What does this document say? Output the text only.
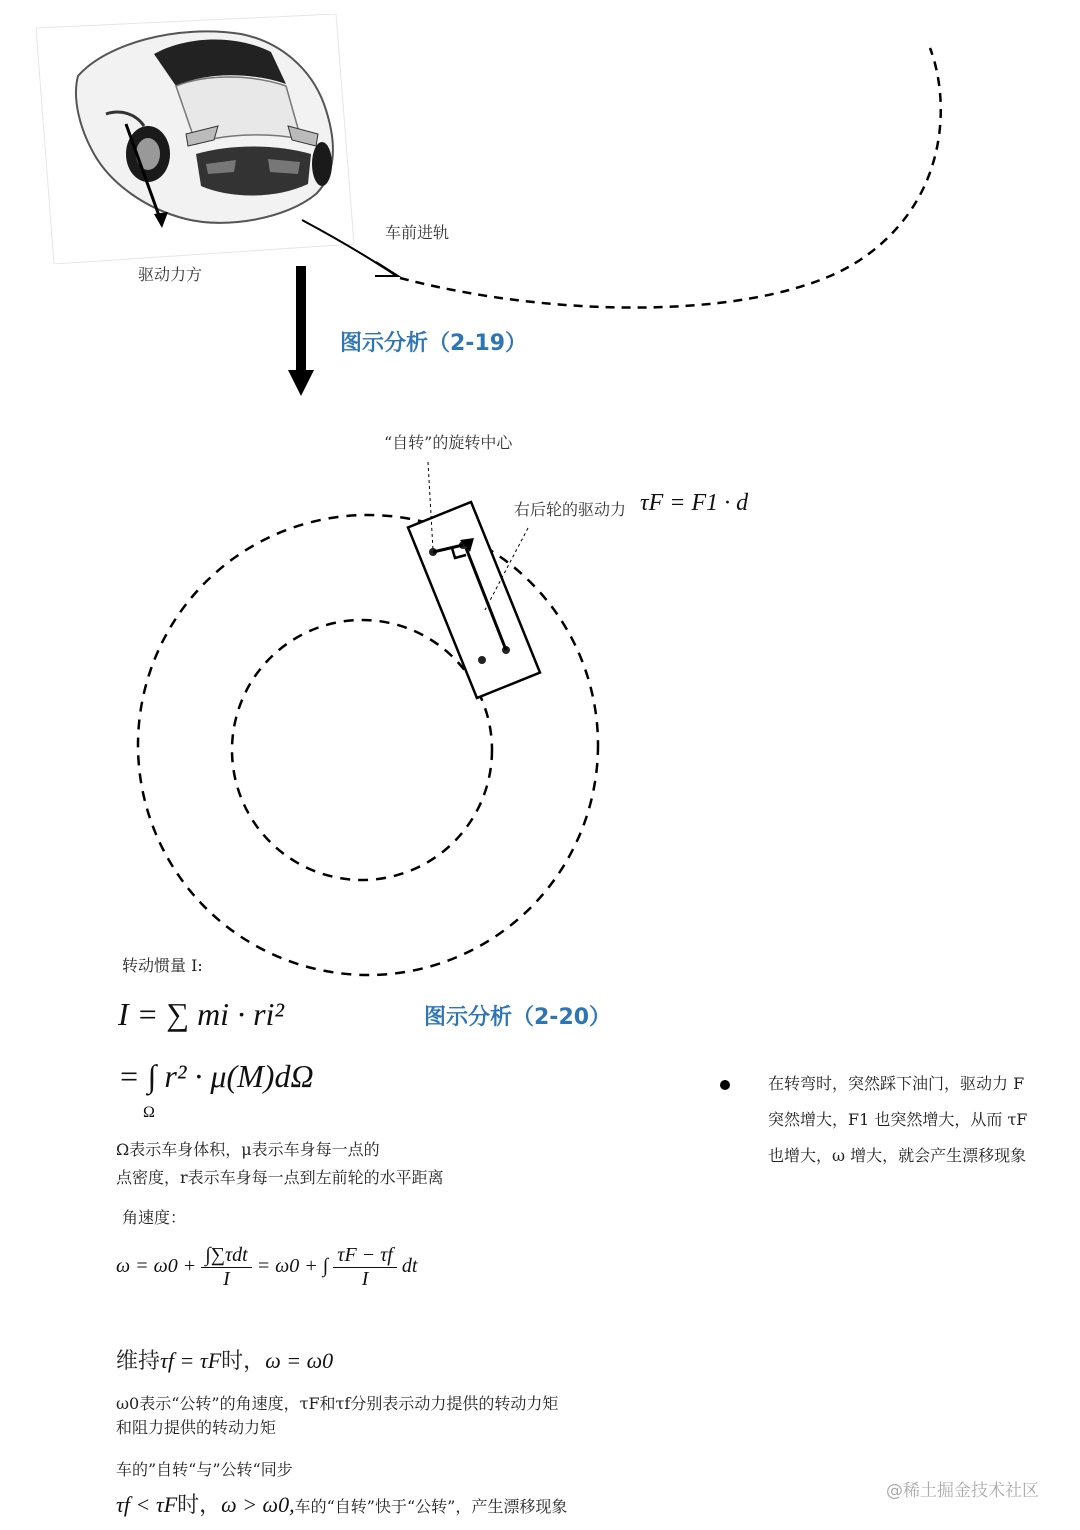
驱动力方
车前进轨
图示分析（2-19）
“自转”的旋转中心
右后轮的驱动力 τF = F1 · d
转动惯量 I:
I = ∑ mi · ri²	图示分析（2-20）
= ∫ r² · μ(M)dΩ
Ω
Ω表示车身体积，μ表示车身每一点的
点密度，r表示车身每一点到左前轮的水平距离
角速度：
$\omega = \omega 0 + \frac{\text{∫∑τdt}}{I} = \omega 0$ + ∫ $\frac{\tau F - \tau f}{I}$ dt
维持τf = τF时，ω = ω0
ω0表示“公转”的角速度，τF和τf分别表示动力提供的转动力矩
和阻力提供的转动力矩
车的”自转“与”公转“同步
τf < τF时，ω > ω0,车的“自转”快于“公转”，产生漂移现象
在转弯时，突然踩下油门，驱动力 F
突然增大，F1 也突然增大，从而 τF
也增大，ω 增大，就会产生漂移现象
@稀土掘金技术社区
